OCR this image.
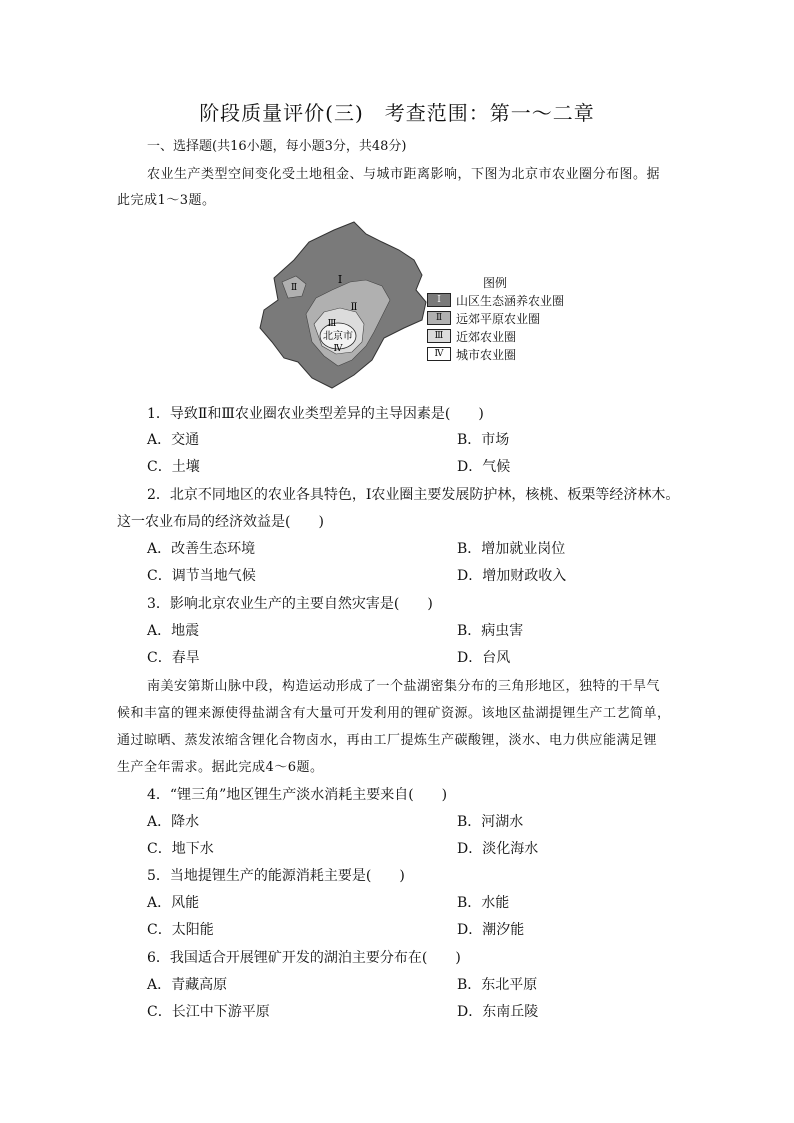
阶段质量评价(三)　考查范围：第一～二章
一、选择题(共16小题，每小题3分，共48分)
农业生产类型空间变化受土地租金、与城市距离影响，下图为北京市农业圈分布图。据
此完成1～3题。
Ⅰ
Ⅱ
Ⅱ
Ⅲ
北京市
Ⅳ
图例
Ⅰ	山区生态涵养农业圈
Ⅱ	远郊平原农业圈
Ⅲ	近郊农业圈
Ⅳ	城市农业圈
1．导致Ⅱ和Ⅲ农业圈农业类型差异的主导因素是(　　)
A．交通	B．市场
C．土壤	D．气候
2．北京不同地区的农业各具特色，Ⅰ农业圈主要发展防护林，核桃、板栗等经济林木。
这一农业布局的经济效益是(　　)
A．改善生态环境	B．增加就业岗位
C．调节当地气候	D．增加财政收入
3．影响北京农业生产的主要自然灾害是(　　)
A．地震	B．病虫害
C．春旱	D．台风
南美安第斯山脉中段，构造运动形成了一个盐湖密集分布的三角形地区，独特的干旱气
候和丰富的锂来源使得盐湖含有大量可开发利用的锂矿资源。该地区盐湖提锂生产工艺简单，
通过晾晒、蒸发浓缩含锂化合物卤水，再由工厂提炼生产碳酸锂，淡水、电力供应能满足锂
生产全年需求。据此完成4～6题。
4．“锂三角”地区锂生产淡水消耗主要来自(　　)
A．降水	B．河湖水
C．地下水	D．淡化海水
5．当地提锂生产的能源消耗主要是(　　)
A．风能	B．水能
C．太阳能	D．潮汐能
6．我国适合开展锂矿开发的湖泊主要分布在(　　)
A．青藏高原	B．东北平原
C．长江中下游平原	D．东南丘陵
